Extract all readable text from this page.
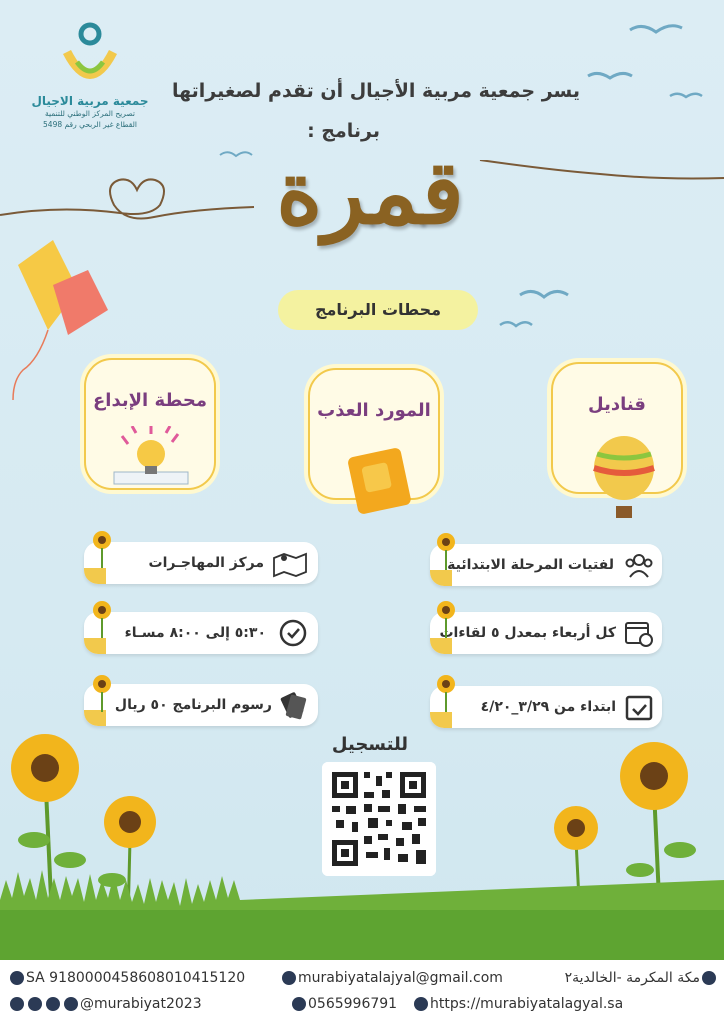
جمعية مربية الاجيال
تصريح المركز الوطني للتنمية
القطاع غير الربحي رقم 5498
يسر جمعية مربية الأجيال أن تقدم لصغيراتها
برنامج :
قمرة
محطات البرنامج
قناديل
المورد العذب
محطة الإبداع
لفتيات المرحلة الابتدائية
كل أربعاء بمعدل ٥ لقاءات
ابتداء من ٣/٢٩_٤/٢٠
مركز المهاجـرات
٥:٣٠ إلى ٨:٠٠ مسـاء
رسوم البرنامج ٥٠ ريال
للتسجيل
مكة المكرمة -الخالدية٢
murabiyatalajyal@gmail.com
SA 9180000458608010415120
@murabiyat2023	0565996791	https://murabiyatalagyal.sa
